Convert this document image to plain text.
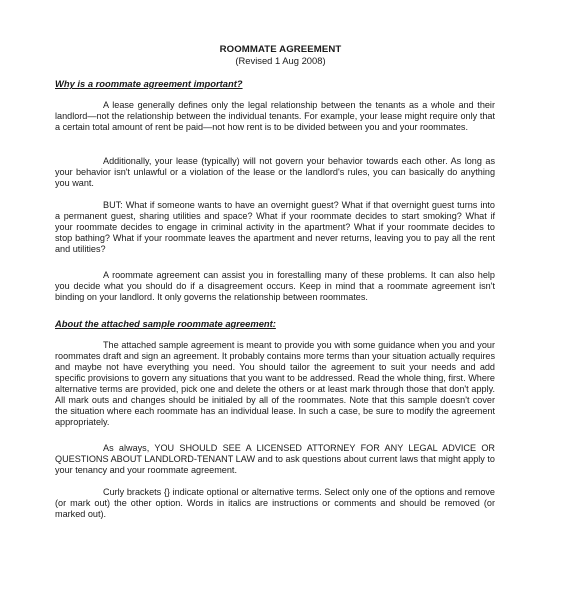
ROOMMATE AGREEMENT
(Revised 1 Aug 2008)
Why is a roommate agreement important?

A lease generally defines only the legal relationship between the tenants as a whole and their landlord—not the relationship between the individual tenants. For example, your lease might require only that a certain total amount of rent be paid—not how rent is to be divided between you and your roommates.

Additionally, your lease (typically) will not govern your behavior towards each other. As long as your behavior isn't unlawful or a violation of the lease or the landlord's rules, you can basically do anything you want.

BUT: What if someone wants to have an overnight guest? What if that overnight guest turns into a permanent guest, sharing utilities and space? What if your roommate decides to start smoking? What if your roommate decides to engage in criminal activity in the apartment? What if your roommate decides to stop bathing? What if your roommate leaves the apartment and never returns, leaving you to pay all the rent and utilities?

A roommate agreement can assist you in forestalling many of these problems. It can also help you decide what you should do if a disagreement occurs. Keep in mind that a roommate agreement isn't binding on your landlord. It only governs the relationship between roommates.

About the attached sample roommate agreement:

The attached sample agreement is meant to provide you with some guidance when you and your roommates draft and sign an agreement. It probably contains more terms than your situation actually requires and maybe not have everything you need. You should tailor the agreement to suit your needs and add specific provisions to govern any situations that you want to be addressed. Read the whole thing, first. Where alternative terms are provided, pick one and delete the others or at least mark through those that don't apply. All mark outs and changes should be initialed by all of the roommates. Note that this sample doesn't cover the situation where each roommate has an individual lease. In such a case, be sure to modify the agreement appropriately.

As always, YOU SHOULD SEE A LICENSED ATTORNEY FOR ANY LEGAL ADVICE OR QUESTIONS ABOUT LANDLORD-TENANT LAW and to ask questions about current laws that might apply to your tenancy and your roommate agreement.

Curly brackets {} indicate optional or alternative terms. Select only one of the options and remove (or mark out) the other option. Words in italics are instructions or comments and should be removed (or marked out).
